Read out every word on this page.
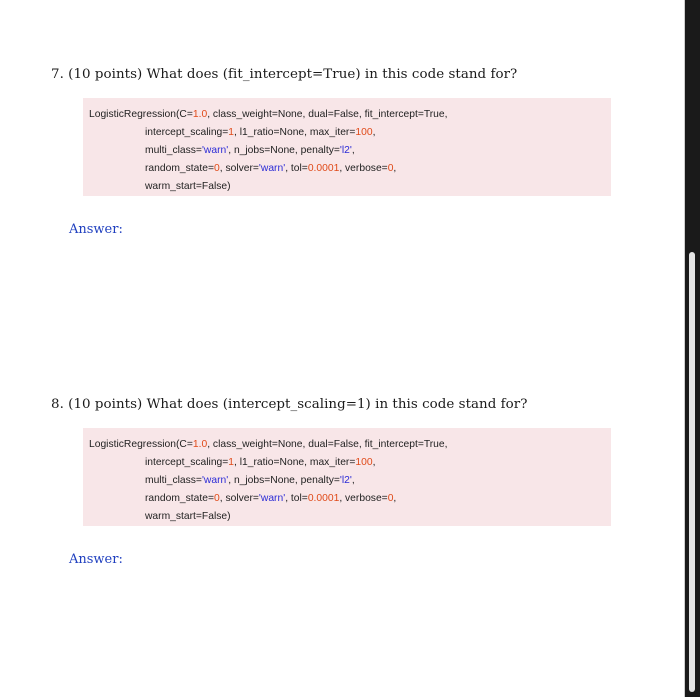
7. (10 points) What does (fit_intercept=True) in this code stand for?
LogisticRegression(C=1.0, class_weight=None, dual=False, fit_intercept=True,
intercept_scaling=1, l1_ratio=None, max_iter=100,
multi_class='warn', n_jobs=None, penalty='l2',
random_state=0, solver='warn', tol=0.0001, verbose=0,
warm_start=False)
Answer:
8. (10 points) What does (intercept_scaling=1) in this code stand for?
LogisticRegression(C=1.0, class_weight=None, dual=False, fit_intercept=True,
intercept_scaling=1, l1_ratio=None, max_iter=100,
multi_class='warn', n_jobs=None, penalty='l2',
random_state=0, solver='warn', tol=0.0001, verbose=0,
warm_start=False)
Answer:
